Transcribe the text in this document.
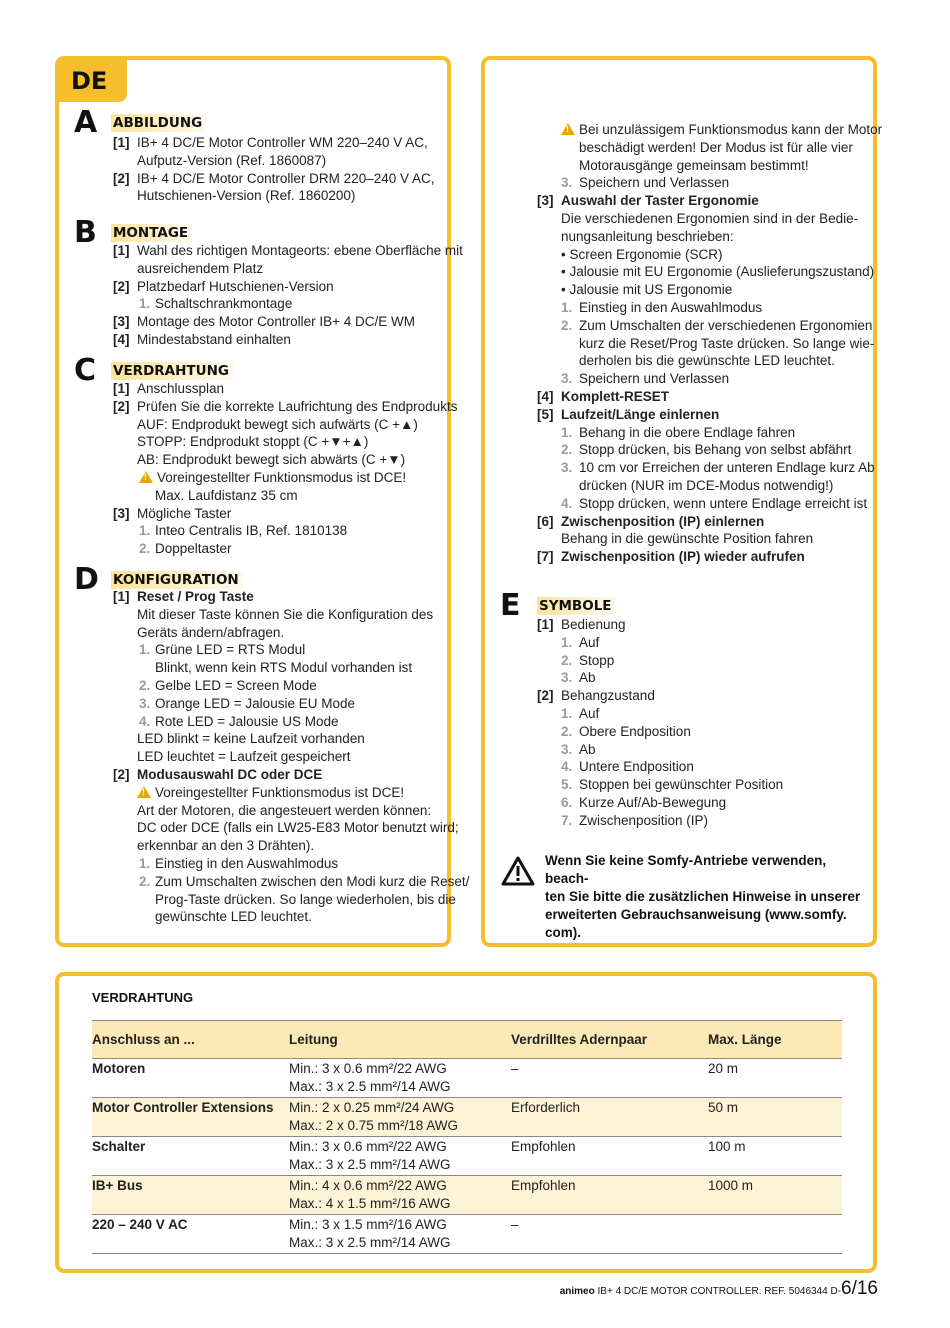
DE
A ABBILDUNG
[1] IB+ 4 DC/E Motor Controller WM 220–240 V AC,
Aufputz-Version (Ref. 1860087)
[2] IB+ 4 DC/E Motor Controller DRM 220–240 V AC,
Hutschienen-Version (Ref. 1860200)
B MONTAGE
[1] Wahl des richtigen Montageorts: ebene Oberfläche mit
ausreichendem Platz
[2] Platzbedarf Hutschienen-Version
1. Schaltschrankmontage
[3] Montage des Motor Controller IB+ 4 DC/E WM
[4] Mindestabstand einhalten
C VERDRAHTUNG
[1] Anschlussplan
[2] Prüfen Sie die korrekte Laufrichtung des Endprodukts
AUF: Endprodukt bewegt sich aufwärts (C +▲)
STOPP: Endprodukt stoppt (C +▼+▲)
AB: Endprodukt bewegt sich abwärts (C +▼)
!Voreingestellter Funktionsmodus ist DCE!
Max. Laufdistanz 35 cm
[3] Mögliche Taster
1. Inteo Centralis IB, Ref. 1810138
2. Doppeltaster
D KONFIGURATION
[1] Reset / Prog Taste
Mit dieser Taste können Sie die Konfiguration des
Geräts ändern/abfragen.
1. Grüne LED = RTS Modul
Blinkt, wenn kein RTS Modul vorhanden ist
2. Gelbe LED = Screen Mode
3. Orange LED = Jalousie EU Mode
4. Rote LED = Jalousie US Mode
LED blinkt = keine Laufzeit vorhanden
LED leuchtet = Laufzeit gespeichert
[2] Modusauswahl DC oder DCE
!Voreingestellter Funktionsmodus ist DCE!
Art der Motoren, die angesteuert werden können:
DC oder DCE (falls ein LW25-E83 Motor benutzt wird;
erkennbar an den 3 Drähten).
1. Einstieg in den Auswahlmodus
2. Zum Umschalten zwischen den Modi kurz die Reset/
Prog-Taste drücken. So lange wiederholen, bis die
gewünschte LED leuchtet.
!Bei unzulässigem Funktionsmodus kann der Motor
beschädigt werden! Der Modus ist für alle vier
Motorausgänge gemeinsam bestimmt!
3. Speichern und Verlassen
[3] Auswahl der Taster Ergonomie
Die verschiedenen Ergonomien sind in der Bedie-
nungsanleitung beschrieben:
• Screen Ergonomie (SCR)
• Jalousie mit EU Ergonomie (Auslieferungszustand)
• Jalousie mit US Ergonomie
1. Einstieg in den Auswahlmodus
2. Zum Umschalten der verschiedenen Ergonomien
kurz die Reset/Prog Taste drücken. So lange wie-
derholen bis die gewünschte LED leuchtet.
3. Speichern und Verlassen
[4] Komplett-RESET
[5] Laufzeit/Länge einlernen
1. Behang in die obere Endlage fahren
2. Stopp drücken, bis Behang von selbst abfährt
3. 10 cm vor Erreichen der unteren Endlage kurz Ab
drücken (NUR im DCE-Modus notwendig!)
4. Stopp drücken, wenn untere Endlage erreicht ist
[6] Zwischenposition (IP) einlernen
Behang in die gewünschte Position fahren
[7] Zwischenposition (IP) wieder aufrufen
E SYMBOLE
[1] Bedienung
1. Auf
2. Stopp
3. Ab
[2] Behangzustand
1. Auf
2. Obere Endposition
3. Ab
4. Untere Endposition
5. Stoppen bei gewünschter Position
6. Kurze Auf/Ab-Bewegung
7. Zwischenposition (IP)
Wenn Sie keine Somfy-Antriebe verwenden, beach-
ten Sie bitte die zusätzlichen Hinweise in unserer
erweiterten Gebrauchsanweisung (www.somfy.
com).
VERDRAHTUNG
Anschluss an ...	Leitung	Verdrilltes Adernpaar	Max. Länge
Motoren	Min.: 3 x 0.6 mm²/22 AWG
Max.: 3 x 2.5 mm²/14 AWG	–	20 m
Motor Controller Extensions	Min.: 2 x 0.25 mm²/24 AWG
Max.: 2 x 0.75 mm²/18 AWG	Erforderlich	50 m
Schalter	Min.: 3 x 0.6 mm²/22 AWG
Max.: 3 x 2.5 mm²/14 AWG	Empfohlen	100 m
IB+ Bus	Min.: 4 x 0.6 mm²/22 AWG
Max.: 4 x 1.5 mm²/16 AWG	Empfohlen	1000 m
220 – 240 V AC	Min.: 3 x 1.5 mm²/16 AWG
Max.: 3 x 2.5 mm²/14 AWG	–	
animeo IB+ 4 DC/E MOTOR CONTROLLER. REF. 5046344 D-6/16
